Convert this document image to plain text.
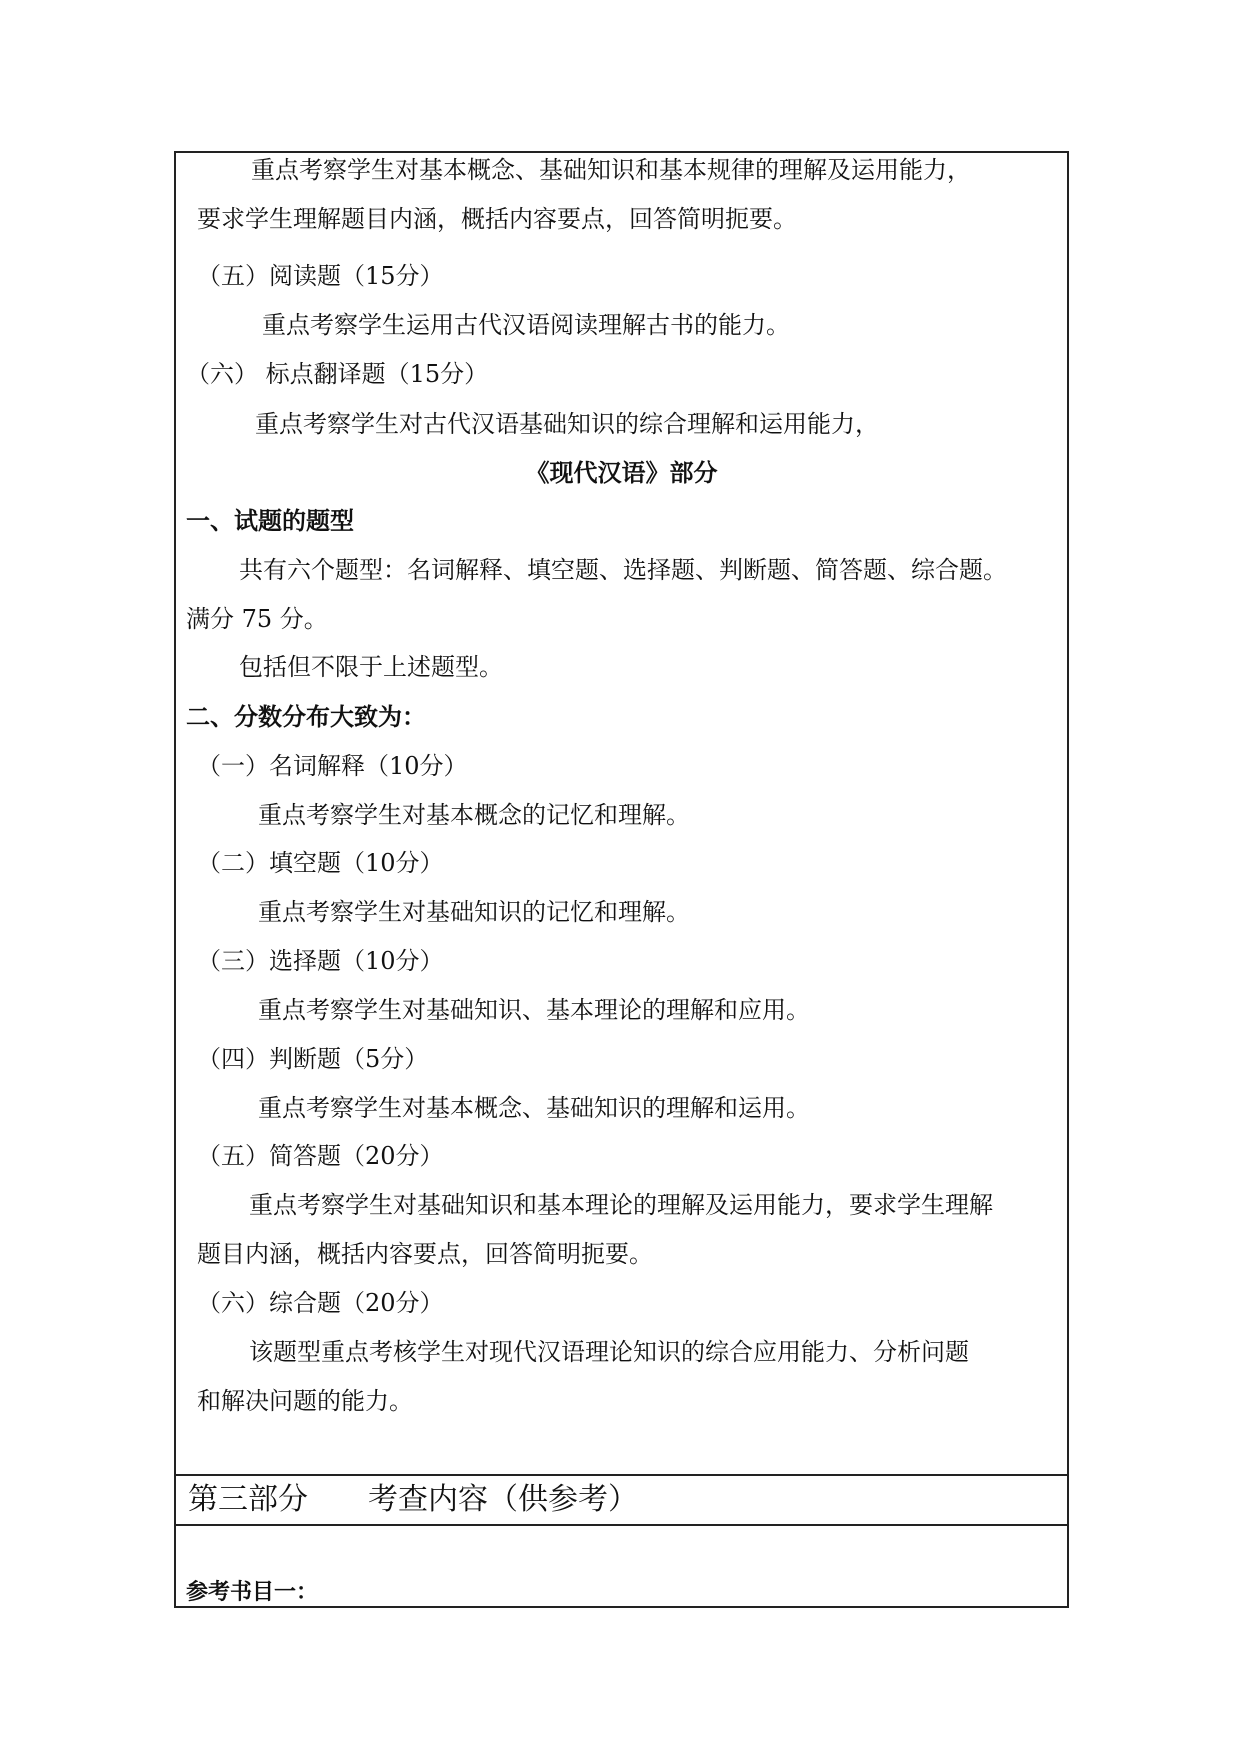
重点考察学生对基本概念、基础知识和基本规律的理解及运用能力，
要求学生理解题目内涵，概括内容要点，回答简明扼要。
（五）阅读题（15分）
重点考察学生运用古代汉语阅读理解古书的能力。
（六） 标点翻译题（15分）
重点考察学生对古代汉语基础知识的综合理解和运用能力，
《现代汉语》部分
一、试题的题型
共有六个题型：名词解释、填空题、选择题、判断题、简答题、综合题。
满分 75 分。
包括但不限于上述题型。
二、分数分布大致为：
（一）名词解释（10分）
重点考察学生对基本概念的记忆和理解。
（二）填空题（10分）
重点考察学生对基础知识的记忆和理解。
（三）选择题（10分）
重点考察学生对基础知识、基本理论的理解和应用。
（四）判断题（5分）
重点考察学生对基本概念、基础知识的理解和运用。
（五）简答题（20分）
重点考察学生对基础知识和基本理论的理解及运用能力，要求学生理解
题目内涵，概括内容要点，回答简明扼要。
（六）综合题（20分）
该题型重点考核学生对现代汉语理论知识的综合应用能力、分析问题
和解决问题的能力。
第三部分　　考查内容（供参考）
参考书目一：
